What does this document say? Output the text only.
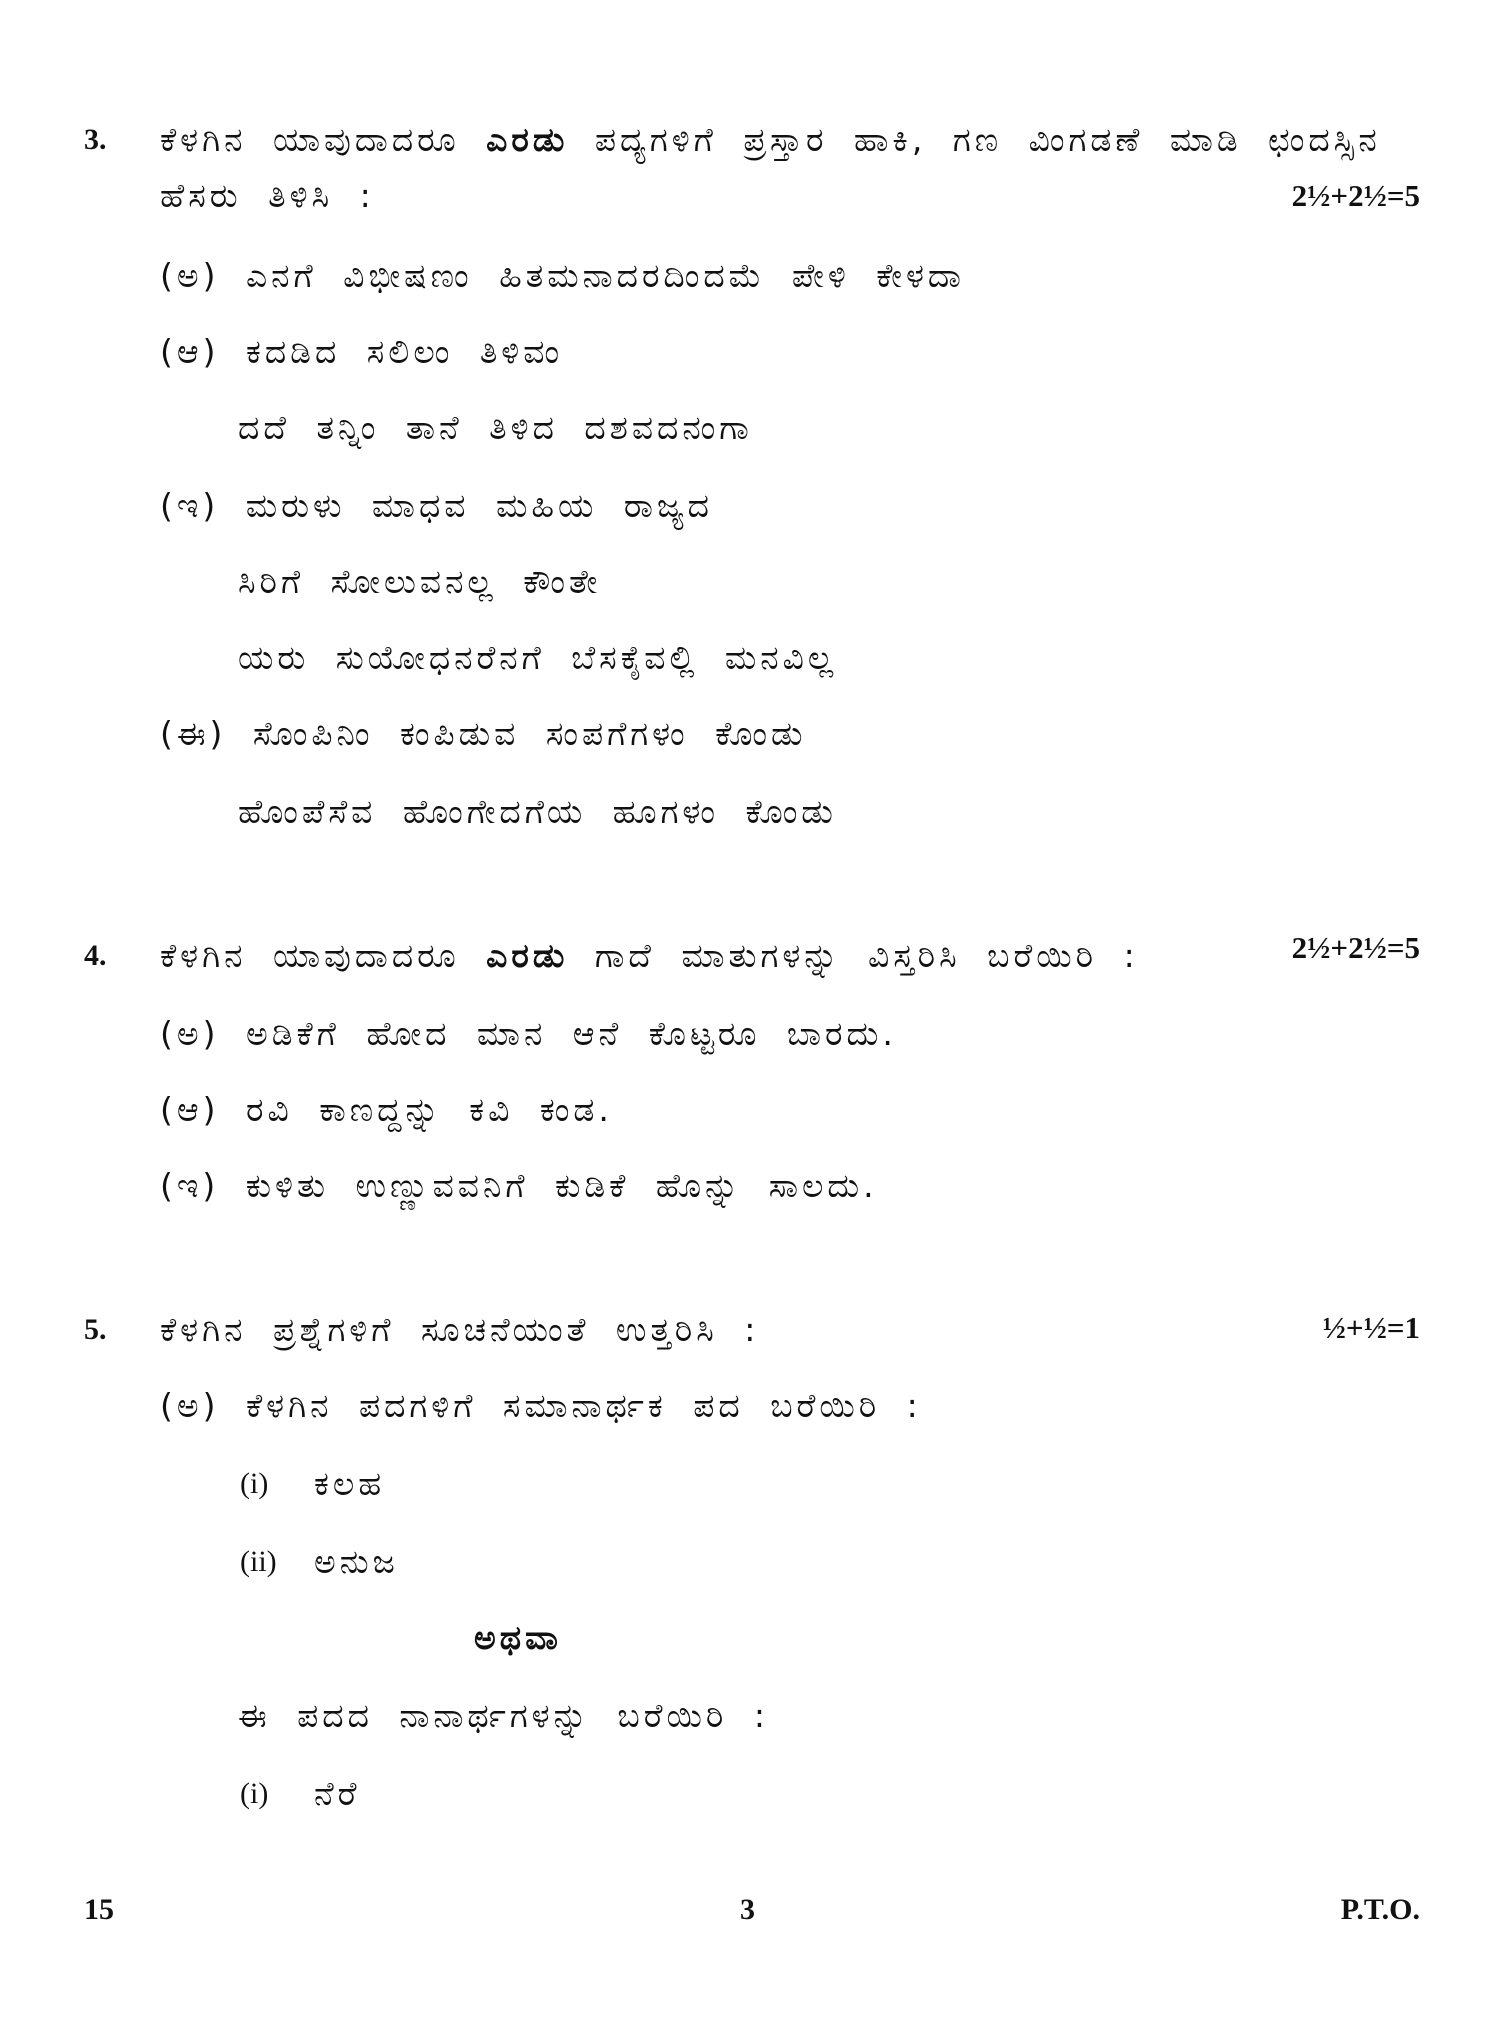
3. ಕೆಳಗಿನ ಯಾವುದಾದರೂ ಎರಡು ಪದ್ಯಗಳಿಗೆ ಪ್ರಸ್ತಾರ ಹಾಕಿ, ಗಣ ವಿಂಗಡಣೆ ಮಾಡಿ ಛಂದಸ್ಸಿನ
ಹೆಸರು ತಿಳಿಸಿ :	2½+2½=5
(ಅ) ಎನಗೆ ವಿಭೀಷಣಂ ಹಿತಮನಾದರದಿಂದಮೆ ಪೇಳಿ ಕೇಳದಾ
(ಆ) ಕದಡಿದ ಸಲಿಲಂ ತಿಳಿವಂ
ದದೆ ತನ್ನಿಂ ತಾನೆ ತಿಳಿದ ದಶವದನಂಗಾ
(ಇ) ಮರುಳು ಮಾಧವ ಮಹಿಯ ರಾಜ್ಯದ
ಸಿರಿಗೆ ಸೋಲುವನಲ್ಲ ಕೌಂತೇ
ಯರು ಸುಯೋಧನರೆನಗೆ ಬೆಸಕೈವಲ್ಲಿ ಮನವಿಲ್ಲ
(ಈ) ಸೊಂಪಿನಿಂ ಕಂಪಿಡುವ ಸಂಪಗೆಗಳಂ ಕೊಂಡು
ಹೊಂಪೆಸೆವ ಹೊಂಗೇದಗೆಯ ಹೂಗಳಂ ಕೊಂಡು
4. ಕೆಳಗಿನ ಯಾವುದಾದರೂ ಎರಡು ಗಾದೆ ಮಾತುಗಳನ್ನು ವಿಸ್ತರಿಸಿ ಬರೆಯಿರಿ :	2½+2½=5
(ಅ) ಅಡಿಕೆಗೆ ಹೋದ ಮಾನ ಆನೆ ಕೊಟ್ಟರೂ ಬಾರದು.
(ಆ) ರವಿ ಕಾಣದ್ದನ್ನು ಕವಿ ಕಂಡ.
(ಇ) ಕುಳಿತು ಉಣ್ಣುವವನಿಗೆ ಕುಡಿಕೆ ಹೊನ್ನು ಸಾಲದು.
5. ಕೆಳಗಿನ ಪ್ರಶ್ನೆಗಳಿಗೆ ಸೂಚನೆಯಂತೆ ಉತ್ತರಿಸಿ :	½+½=1
(ಅ) ಕೆಳಗಿನ ಪದಗಳಿಗೆ ಸಮಾನಾರ್ಥಕ ಪದ ಬರೆಯಿರಿ :
(i) ಕಲಹ
(ii) ಅನುಜ
ಅಥವಾ
ಈ ಪದದ ನಾನಾರ್ಥಗಳನ್ನು ಬರೆಯಿರಿ :
(i) ನೆರೆ
15	3	P.T.O.
